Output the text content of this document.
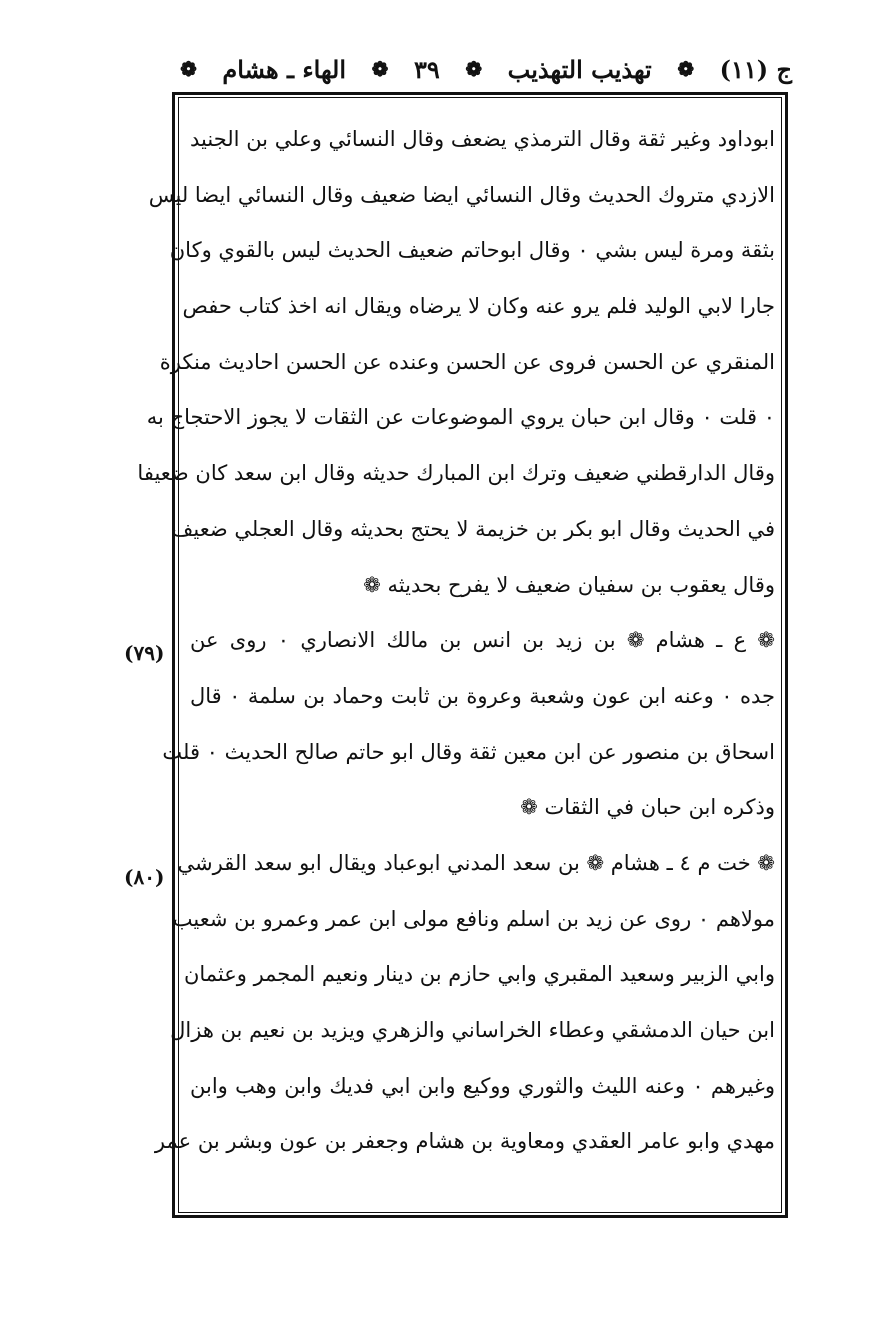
ج (١١)
❁
تهذيب التهذيب
❁
٣٩
❁
الهاء ـ هشام
❁
(٧٩)
(٨٠)
ابوداود وغير ثقة وقال الترمذي يضعف وقال النسائي وعلي بن الجنيد
الازدي متروك الحديث وقال النسائي ايضا ضعيف وقال النسائي ايضا ليس
بثقة ومرة ليس بشي ٠ وقال ابوحاتم ضعيف الحديث ليس بالقوي وكان
جارا لابي الوليد فلم يرو عنه وكان لا يرضاه ويقال انه اخذ كتاب حفص
المنقري عن الحسن فروى عن الحسن وعنده عن الحسن احاديث منكرة
٠ قلت ٠ وقال ابن حبان يروي الموضوعات عن الثقات لا يجوز الاحتجاج به
وقال الدارقطني ضعيف وترك ابن المبارك حديثه وقال ابن سعد كان ضعيفا
في الحديث وقال ابو بكر بن خزيمة لا يحتج بحديثه وقال العجلي ضعيف
وقال يعقوب بن سفيان ضعيف لا يفرح بحديثه ❁
❁ ع ـ هشام ❁ بن زيد بن انس بن مالك الانصاري ٠ روى عن
جده ٠ وعنه ابن عون وشعبة وعروة بن ثابت وحماد بن سلمة ٠ قال
اسحاق بن منصور عن ابن معين ثقة وقال ابو حاتم صالح الحديث ٠ قلت
وذكره ابن حبان في الثقات ❁
❁ خت م ٤ ـ هشام ❁ بن سعد المدني ابوعباد ويقال ابو سعد القرشي
مولاهم ٠ روى عن زيد بن اسلم ونافع مولى ابن عمر وعمرو بن شعيب
وابي الزبير وسعيد المقبري وابي حازم بن دينار ونعيم المجمر وعثمان
ابن حيان الدمشقي وعطاء الخراساني والزهري ويزيد بن نعيم بن هزال
وغيرهم ٠ وعنه الليث والثوري ووكيع وابن ابي فديك وابن وهب وابن
مهدي وابو عامر العقدي ومعاوية بن هشام وجعفر بن عون وبشر بن عمر
